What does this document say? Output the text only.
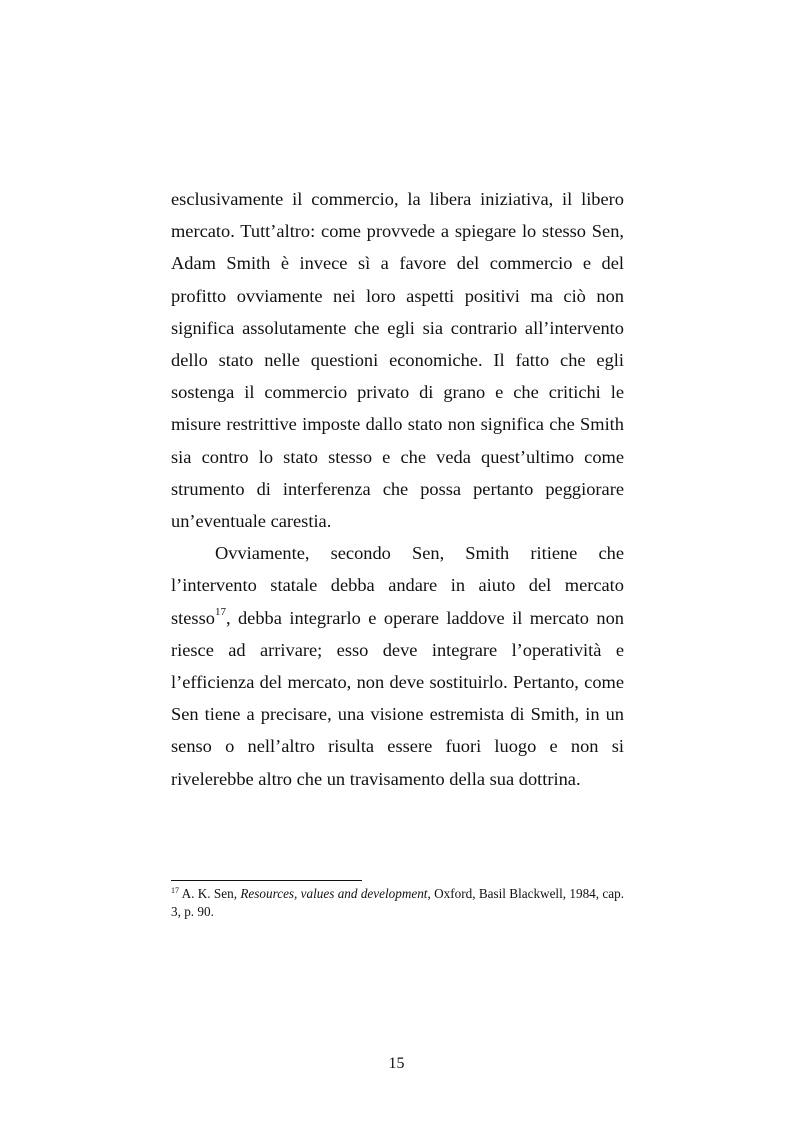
esclusivamente il commercio, la libera iniziativa, il libero mercato. Tutt’altro: come provvede a spiegare lo stesso Sen, Adam Smith è invece sì a favore del commercio e del profitto ovviamente nei loro aspetti positivi ma ciò non significa assolutamente che egli sia contrario all’intervento dello stato nelle questioni economiche. Il fatto che egli sostenga il commercio privato di grano e che critichi le misure restrittive imposte dallo stato non significa che Smith sia contro lo stato stesso e che veda quest’ultimo come strumento di interferenza che possa pertanto peggiorare un’eventuale carestia.

Ovviamente, secondo Sen, Smith ritiene che l’intervento statale debba andare in aiuto del mercato stesso$^{17}$, debba integrarlo e operare laddove il mercato non riesce ad arrivare; esso deve integrare l’operatività e l’efficienza del mercato, non deve sostituirlo. Pertanto, come Sen tiene a precisare, una visione estremista di Smith, in un senso o nell’altro risulta essere fuori luogo e non si rivelerebbe altro che un travisamento della sua dottrina.

$^{17}$ A. K. Sen, Resources, values and development, Oxford, Basil Blackwell, 1984, cap. 3, p. 90.
15
